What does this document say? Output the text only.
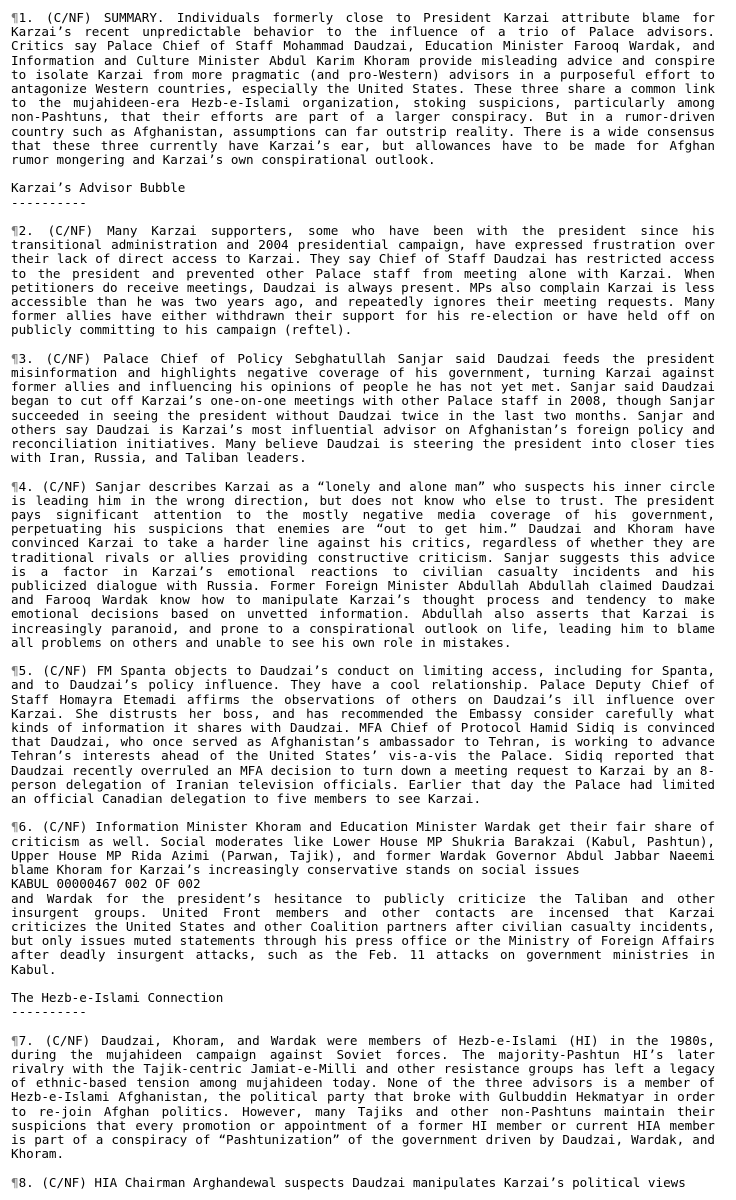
¶1. (C/NF) SUMMARY. Individuals formerly close to President Karzai attribute blame for Karzai’s recent unpredictable behavior to the influence of a trio of Palace advisors. Critics say Palace Chief of Staff Mohammad Daudzai, Education Minister Farooq Wardak, and Information and Culture Minister Abdul Karim Khoram provide misleading advice and conspire to isolate Karzai from more pragmatic (and pro-Western) advisors in a purposeful effort to antagonize Western countries, especially the United States. These three share a common link to the mujahideen-era Hezb-e-Islami organization, stoking suspicions, particularly among non-Pashtuns, that their efforts are part of a larger conspiracy. But in a rumor-driven country such as Afghanistan, assumptions can far outstrip reality. There is a wide consensus that these three currently have Karzai’s ear, but allowances have to be made for Afghan rumor mongering and Karzai’s own conspirational outlook.

Karzai’s Advisor Bubble
----------

¶2. (C/NF) Many Karzai supporters, some who have been with the president since his transitional administration and 2004 presidential campaign, have expressed frustration over their lack of direct access to Karzai. They say Chief of Staff Daudzai has restricted access to the president and prevented other Palace staff from meeting alone with Karzai. When petitioners do receive meetings, Daudzai is always present. MPs also complain Karzai is less accessible than he was two years ago, and repeatedly ignores their meeting requests. Many former allies have either withdrawn their support for his re-election or have held off on publicly committing to his campaign (reftel).

¶3. (C/NF) Palace Chief of Policy Sebghatullah Sanjar said Daudzai feeds the president misinformation and highlights negative coverage of his government, turning Karzai against former allies and influencing his opinions of people he has not yet met. Sanjar said Daudzai began to cut off Karzai’s one-on-one meetings with other Palace staff in 2008, though Sanjar succeeded in seeing the president without Daudzai twice in the last two months. Sanjar and others say Daudzai is Karzai’s most influential advisor on Afghanistan’s foreign policy and reconciliation initiatives. Many believe Daudzai is steering the president into closer ties with Iran, Russia, and Taliban leaders.

¶4. (C/NF) Sanjar describes Karzai as a “lonely and alone man” who suspects his inner circle is leading him in the wrong direction, but does not know who else to trust. The president pays significant attention to the mostly negative media coverage of his government, perpetuating his suspicions that enemies are “out to get him.” Daudzai and Khoram have convinced Karzai to take a harder line against his critics, regardless of whether they are traditional rivals or allies providing constructive criticism. Sanjar suggests this advice is a factor in Karzai’s emotional reactions to civilian casualty incidents and his publicized dialogue with Russia. Former Foreign Minister Abdullah Abdullah claimed Daudzai and Farooq Wardak know how to manipulate Karzai’s thought process and tendency to make emotional decisions based on unvetted information. Abdullah also asserts that Karzai is increasingly paranoid, and prone to a conspirational outlook on life, leading him to blame all problems on others and unable to see his own role in mistakes.

¶5. (C/NF) FM Spanta objects to Daudzai’s conduct on limiting access, including for Spanta, and to Daudzai’s policy influence. They have a cool relationship. Palace Deputy Chief of Staff Homayra Etemadi affirms the observations of others on Daudzai’s ill influence over Karzai. She distrusts her boss, and has recommended the Embassy consider carefully what kinds of information it shares with Daudzai. MFA Chief of Protocol Hamid Sidiq is convinced that Daudzai, who once served as Afghanistan’s ambassador to Tehran, is working to advance Tehran’s interests ahead of the United States’ vis-a-vis the Palace. Sidiq reported that Daudzai recently overruled an MFA decision to turn down a meeting request to Karzai by an 8-person delegation of Iranian television officials. Earlier that day the Palace had limited an official Canadian delegation to five members to see Karzai.

¶6. (C/NF) Information Minister Khoram and Education Minister Wardak get their fair share of criticism as well. Social moderates like Lower House MP Shukria Barakzai (Kabul, Pashtun), Upper House MP Rida Azimi (Parwan, Tajik), and former Wardak Governor Abdul Jabbar Naeemi blame Khoram for Karzai’s increasingly conservative stands on social issues
KABUL 00000467 002 OF 002
and Wardak for the president’s hesitance to publicly criticize the Taliban and other insurgent groups. United Front members and other contacts are incensed that Karzai criticizes the United States and other Coalition partners after civilian casualty incidents, but only issues muted statements through his press office or the Ministry of Foreign Affairs after deadly insurgent attacks, such as the Feb. 11 attacks on government ministries in Kabul.

The Hezb-e-Islami Connection
----------

¶7. (C/NF) Daudzai, Khoram, and Wardak were members of Hezb-e-Islami (HI) in the 1980s, during the mujahideen campaign against Soviet forces. The majority-Pashtun HI’s later rivalry with the Tajik-centric Jamiat-e-Milli and other resistance groups has left a legacy of ethnic-based tension among mujahideen today. None of the three advisors is a member of Hezb-e-Islami Afghanistan, the political party that broke with Gulbuddin Hekmatyar in order to re-join Afghan politics. However, many Tajiks and other non-Pashtuns maintain their suspicions that every promotion or appointment of a former HI member or current HIA member is part of a conspiracy of “Pashtunization” of the government driven by Daudzai, Wardak, and Khoram.

¶8. (C/NF) HIA Chairman Arghandewal suspects Daudzai manipulates Karzai’s political views
